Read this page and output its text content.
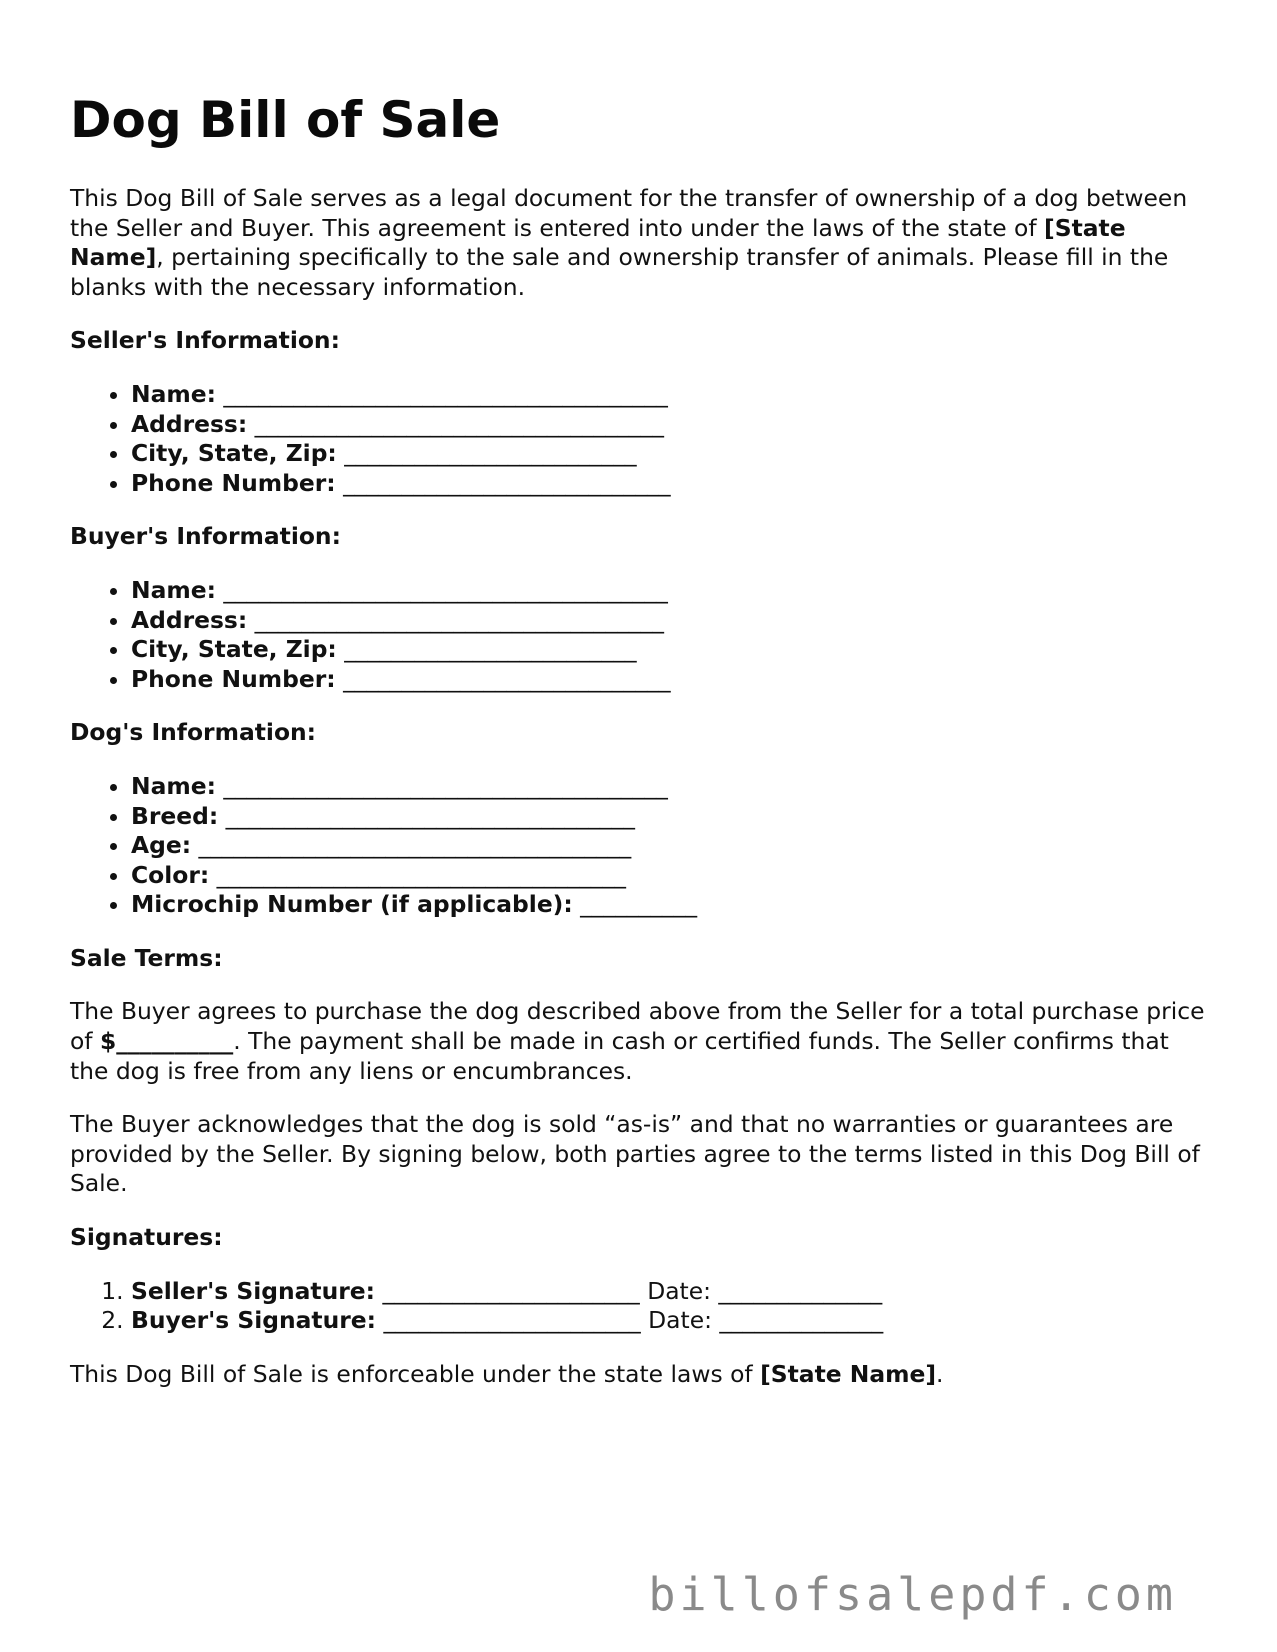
Dog Bill of Sale

This Dog Bill of Sale serves as a legal document for the transfer of ownership of a dog between the Seller and Buyer. This agreement is entered into under the laws of the state of [State Name], pertaining specifically to the sale and ownership transfer of animals. Please fill in the blanks with the necessary information.

Seller's Information:
• Name: ______________________________________
• Address: ___________________________________
• City, State, Zip: _________________________
• Phone Number: ____________________________
Buyer's Information:
• Name: ______________________________________
• Address: ___________________________________
• City, State, Zip: _________________________
• Phone Number: ____________________________
Dog's Information:
• Name: ______________________________________
• Breed: ___________________________________
• Age: _____________________________________
• Color: ___________________________________
• Microchip Number (if applicable): __________
Sale Terms:

The Buyer agrees to purchase the dog described above from the Seller for a total purchase price of $__________. The payment shall be made in cash or certified funds. The Seller confirms that the dog is free from any liens or encumbrances.

The Buyer acknowledges that the dog is sold “as-is” and that no warranties or guarantees are provided by the Seller. By signing below, both parties agree to the terms listed in this Dog Bill of Sale.

Signatures:
1. Seller's Signature: ______________________ Date: ______________
2. Buyer's Signature: ______________________ Date: ______________

This Dog Bill of Sale is enforceable under the state laws of [State Name].

billofsalepdf.com
